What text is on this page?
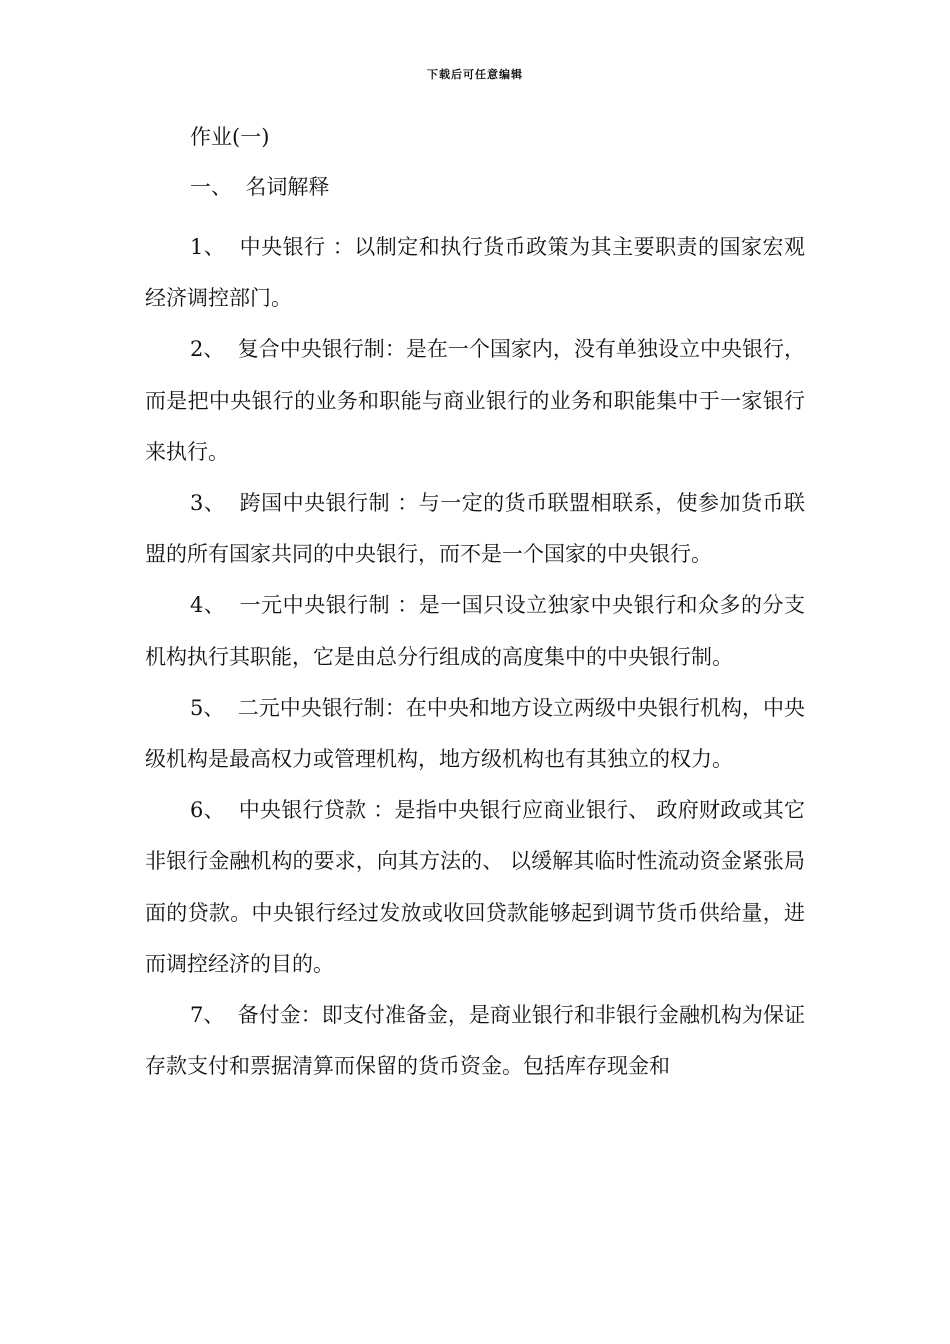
下载后可任意编辑
作业(一)
一、  名词解释

1、  中央银行 ：以制定和执行货币政策为其主要职责的国家宏观经济调控部门。

2、  复合中央银行制：是在一个国家内，没有单独设立中央银行，而是把中央银行的业务和职能与商业银行的业务和职能集中于一家银行来执行。

3、  跨国中央银行制 ：与一定的货币联盟相联系，使参加货币联盟的所有国家共同的中央银行，而不是一个国家的中央银行。

4、  一元中央银行制 ：是一国只设立独家中央银行和众多的分支机构执行其职能，它是由总分行组成的高度集中的中央银行制。

5、  二元中央银行制：在中央和地方设立两级中央银行机构，中央级机构是最高权力或管理机构，地方级机构也有其独立的权力。

6、  中央银行贷款 ：是指中央银行应商业银行、 政府财政或其它非银行金融机构的要求，向其方法的、 以缓解其临时性流动资金紧张局面的贷款。中央银行经过发放或收回贷款能够起到调节货币供给量，进而调控经济的目的。

7、  备付金：即支付准备金，是商业银行和非银行金融机构为保证存款支付和票据清算而保留的货币资金。包括库存现金和
